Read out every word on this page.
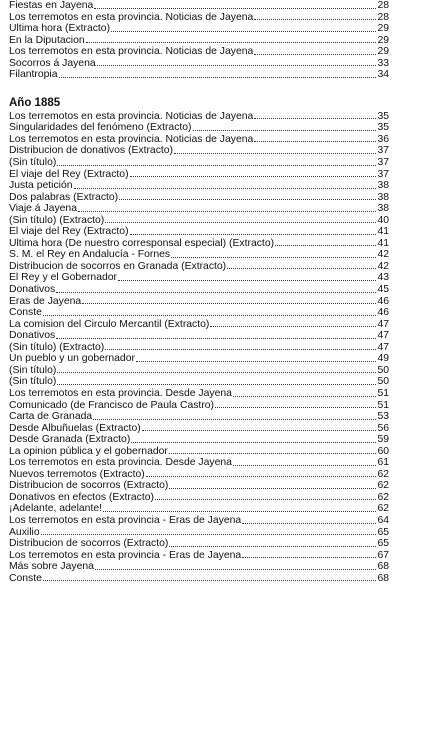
Fiestas en Jayena	28
Los terremotos en esta provincia. Noticias de Jayena	28
Última hora (Extracto)	29
En la Diputacion	29
Los terremotos en esta provincia. Noticias de Jayena	29
Socorros á Jayena	33
Filantropia	34
Año 1885
Los terremotos en esta provincia. Noticias de Jayena	35
Singularidades del fenómeno (Extracto)	35
Los terremotos en esta provincia. Noticias de Jayena	36
Distribucion de donativos (Extracto)	37
(Sin título)	37
El viaje del Rey (Extracto)	37
Justa petición	38
Dos palabras (Extracto)	38
Viaje á Jayena	38
(Sin título) (Extracto)	40
El viaje del Rey (Extracto)	41
Ultima hora (De nuestro corresponsal especial) (Extracto)	41
S. M. el Rey en Andalucía - Fornes	42
Distribucion de socorros en Granada (Extracto)	42
El Rey y el Gobernador	43
Donativos	45
Eras de Jayena	46
Conste	46
La comision del Circulo Mercantil (Extracto)	47
Donativos	47
(Sin título) (Extracto)	47
Un pueblo y un gobernador	49
(Sin título)	50
(Sin título)	50
Los terremotos en esta provincia. Desde Jayena	51
Comunicado (de Francisco de Paula Castro)	51
Carta de Granada	53
Desde Albuñuelas (Extracto)	56
Desde Granada (Extracto)	59
La opinion pública y el gobernador	60
Los terremotos en esta provincia. Desde Jayena	61
Nuevos terremotos (Extracto)	62
Distribucion de socorros (Extracto)	62
Donativos en efectos (Extracto)	62
¡Adelante, adelante!	62
Los terremotos en esta provincia - Eras de Jayena	64
Auxilio	65
Distribucion de socorros (Extracto)	65
Los terremotos en esta provincia - Eras de Jayena	67
Más sobre Jayena	68
Conste	68
